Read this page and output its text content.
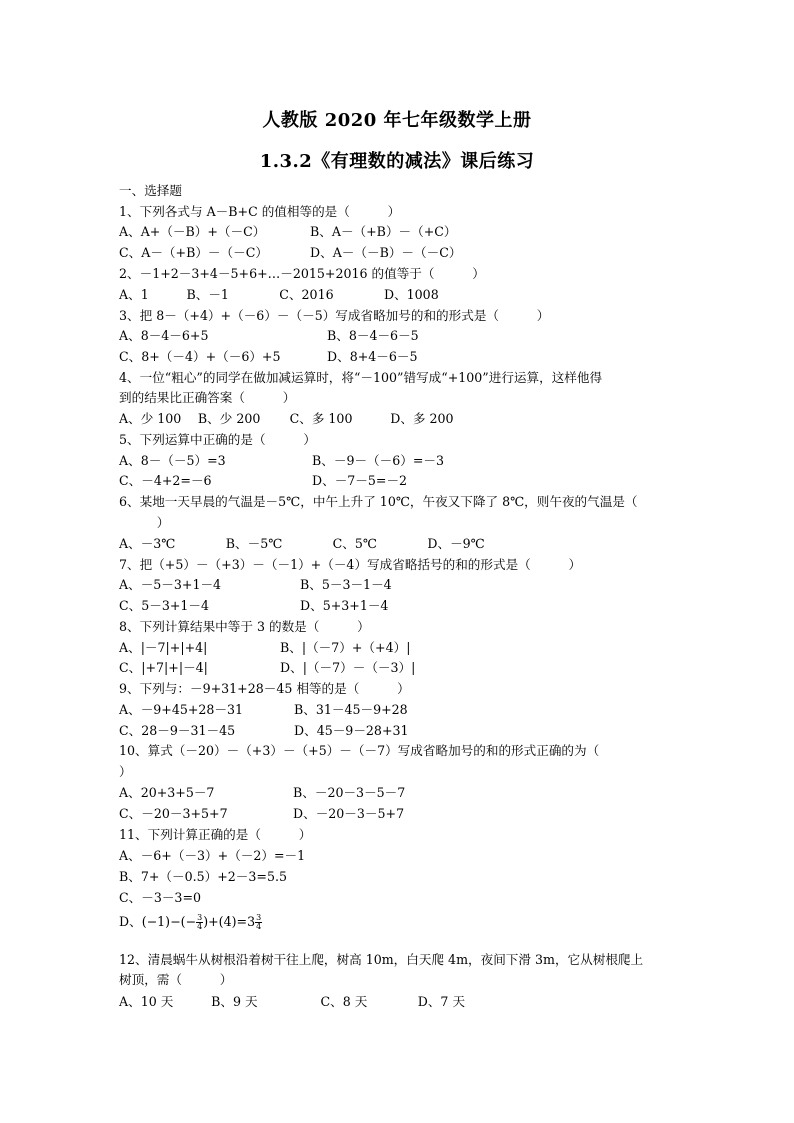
人教版 2020 年七年级数学上册
1.3.2《有理数的减法》课后练习

一、选择题

1、下列各式与 A－B+C 的值相等的是（　　　）

A、A+（－B）+（－C）	B、A－（+B）－（+C）

C、A－（+B）－（－C）	D、A－（－B）－（－C）

2、－1+2－3+4－5+6+…－2015+2016 的值等于（　　　）

A、1　　　B、－1　　　　C、2016　　　　D、1008

3、把 8－（+4）+（－6）－（－5）写成省略加号的和的形式是（　　　）

A、8－4－6+5	B、8－4－6－5

C、8+（－4）+（－6）+5	D、8+4－6－5

4、一位“粗心”的同学在做加减运算时，将“－100”错写成“+100”进行运算，这样他得

到的结果比正确答案（　　　）

A、少 100　 B、少 200　　 C、多 100　　　D、多 200

5、下列运算中正确的是（　　　）

A、8－（－5）=3	B、－9－（－6）=－3

C、－4+2=－6	D、－7－5=－2

6、某地一天早晨的气温是－5℃，中午上升了 10℃，午夜又下降了 8℃，则午夜的气温是（

　　　）

A、－3℃　　　　B、－5℃　　　　C、5℃　　　　D、－9℃

7、把（+5）－（+3）－（－1）+（－4）写成省略括号的和的形式是（　　　）

A、－5－3+1－4	B、5－3－1－4

C、5－3+1－4	D、5+3+1－4

8、下列计算结果中等于 3 的数是（　　　）

A、|－7|+|+4|	B、|（－7）+（+4）|

C、|+7|+|－4|	D、|（－7）－（－3）|

9、下列与：－9+31+28－45 相等的是（　　　）

A、－9+45+28－31	B、31－45－9+28

C、28－9－31－45	D、45－9－28+31

10、算式（－20）－（+3）－（+5）－（－7）写成省略加号的和的形式正确的为（

）

A、20+3+5－7	B、－20－3－5－7

C、－20－3+5+7	D、－20－3－5+7

11、下列计算正确的是（　　　）

A、－6+（－3）+（－2）=－1

B、7+（－0.5）+2－3=5.5

C、－3－3=0

D、$(-1)-(- \frac{3}{4} )+(4)=3 \frac{3}{4}$

12、清晨蜗牛从树根沿着树干往上爬，树高 10m，白天爬 4m，夜间下滑 3m，它从树根爬上

树顶，需（　　　）

A、10 天　　　B、9 天　　　　　C、8 天　　　　D、7 天
